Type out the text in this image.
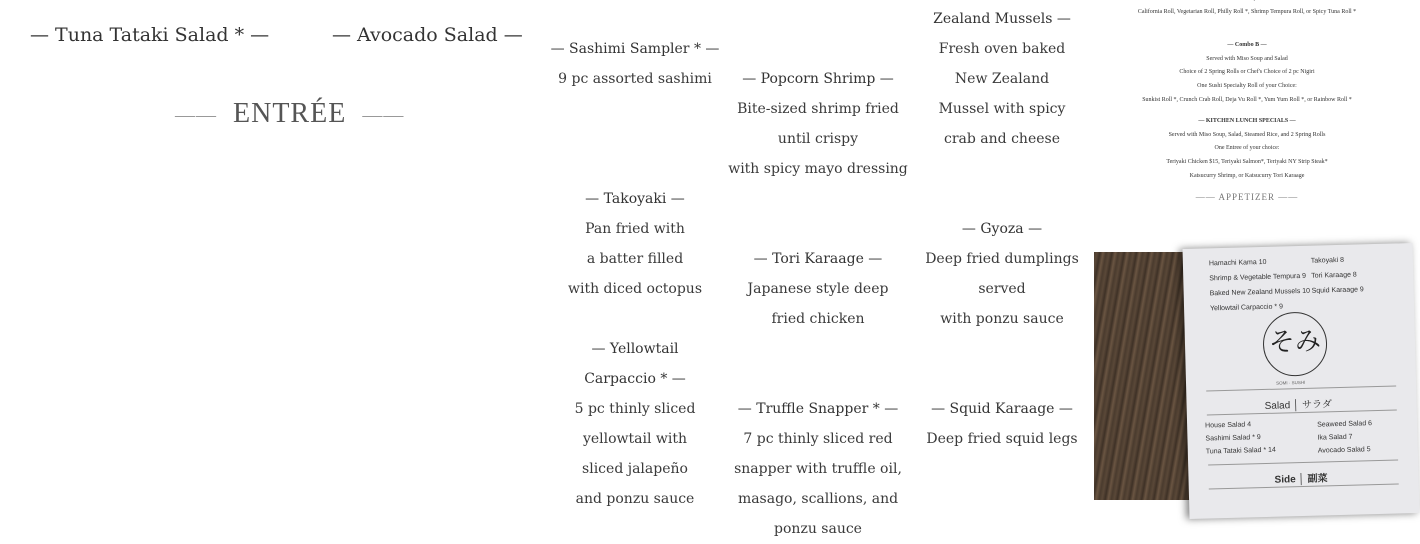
— Tuna Tataki Salad * —	— Avocado Salad —
—— ENTRÉE ——
— Sashimi Sampler * —
9 pc assorted sashimi
— Takoyaki —
Pan fried with a batter filled
with diced octopus
— Yellowtail Carpaccio * —
5 pc thinly sliced yellowtail with sliced jalapeño and ponzu sauce
— Popcorn Shrimp —
Bite-sized shrimp fried until crispy
with spicy mayo dressing
— Tori Karaage —
Japanese style deep fried chicken
— Truffle Snapper * —
7 pc thinly sliced red snapper with truffle oil, masago, scallions, and ponzu sauce
Zealand Mussels —
Fresh oven baked New Zealand Mussel with spicy crab and cheese
— Gyoza —
Deep fried dumplings served
with ponzu sauce
— Squid Karaage —
Deep fried squid legs

California Roll, Vegetarian Roll, Philly Roll *, Shrimp Tempura Roll, or Spicy Tuna Roll *

— Combo B —

Served with Miso Soup and Salad

Choice of 2 Spring Rolls or Chef's Choice of 2 pc Nigiri

One Sushi Specialty Roll of your Choice:

Sunkist Roll *, Crunch Crab Roll, Deja Vu Roll *, Yum Yum Roll *, or Rainbow Roll *

— KITCHEN LUNCH SPECIALS —

Served with Miso Soup, Salad, Steamed Rice, and 2 Spring Rolls

One Entree of your choice:

Teriyaki Chicken $15, Teriyaki Salmon*, Teriyaki NY Strip Steak*

Katsucurry Shrimp, or Katsucurry Tori Karaage

—— APPETIZER ——

Hamachi Kama 10
Shrimp & Vegetable Tempura 9
Baked New Zealand Mussels 10
Yellowtail Carpaccio * 9
Takoyaki 8
Tori Karaage 8
Squid Karaage 9
そみ
SOMI · SUSHI
Salad │ サラダ
House Salad 4
Sashimi Salad * 9
Tuna Tataki Salad * 14
Seaweed Salad 6
Ika Salad 7
Avocado Salad 5
Side │ 副菜
